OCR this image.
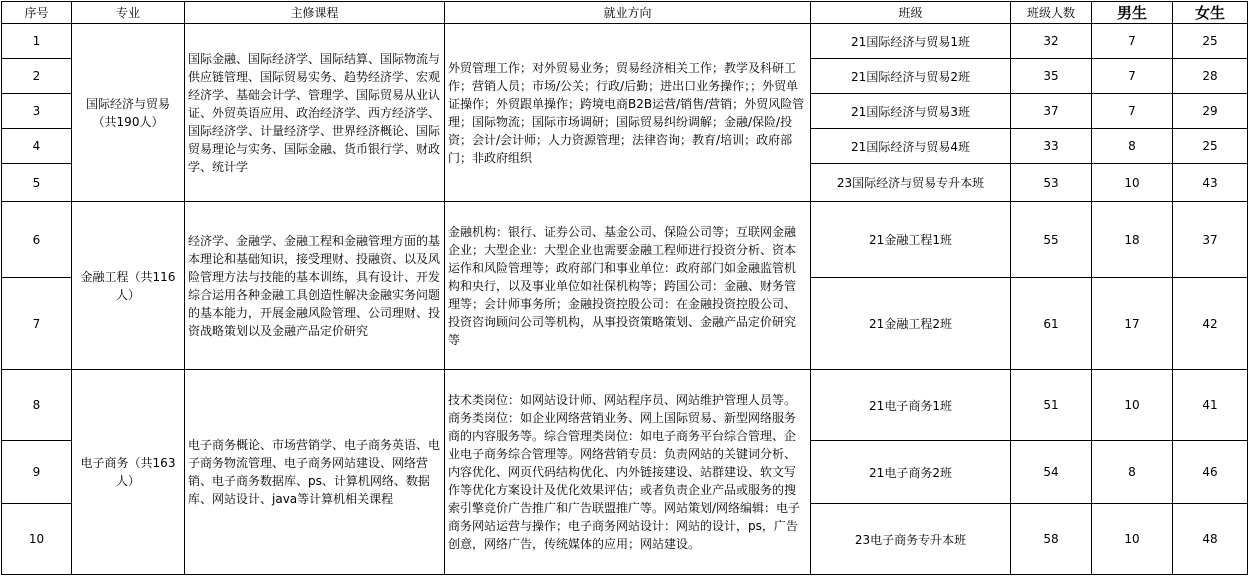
序号	专业	主修课程	就业方向	班级	班级人数	男生	女生
1	国际经济与贸易（共190人）	国际金融、国际经济学、国际结算、国际物流与供应链管理、国际贸易实务、趋势经济学、宏观经济学、基础会计学、管理学、国际贸易从业认证、外贸英语应用、政治经济学、西方经济学、国际经济学、计量经济学、世界经济概论、国际贸易理论与实务、国际金融、货币银行学、财政学、统计学	外贸管理工作；对外贸易业务；贸易经济相关工作；教学及科研工作；营销人员；市场/公关；行政/后勤；进出口业务操作；；外贸单证操作；外贸跟单操作；跨境电商B2B运营/销售/营销；外贸风险管理；国际物流；国际市场调研；国际贸易纠纷调解；金融/保险/投资；会计/会计师；人力资源管理；法律咨询；教育/培训；政府部门；非政府组织	21国际经济与贸易1班	32	7	25
2				21国际经济与贸易2班	35	7	28
3				21国际经济与贸易3班	37	7	29
4				21国际经济与贸易4班	33	8	25
5				23国际经济与贸易专升本班	53	10	43
6	金融工程（共116人）	经济学、金融学、金融工程和金融管理方面的基本理论和基础知识，接受理财、投融资、以及风险管理方法与技能的基本训练，具有设计、开发综合运用各种金融工具创造性解决金融实务问题的基本能力，开展金融风险管理、公司理财、投资战略策划以及金融产品定价研究	金融机构：银行、证券公司、基金公司、保险公司等；互联网金融企业；大型企业：大型企业也需要金融工程师进行投资分析、资本运作和风险管理等；政府部门和事业单位：政府部门如金融监管机构和央行，以及事业单位如社保机构等；跨国公司：金融、财务管理等；会计师事务所；金融投资控股公司：在金融投资控股公司、投资咨询顾问公司等机构，从事投资策略策划、金融产品定价研究等	21金融工程1班	55	18	37
7				21金融工程2班	61	17	42
8	电子商务（共163人）	电子商务概论、市场营销学、电子商务英语、电子商务物流管理、电子商务网站建设、网络营销、电子商务数据库、ps、计算机网络、数据库、网站设计、java等计算机相关课程	技术类岗位：如网站设计师、网站程序员、网站维护管理人员等。商务类岗位：如企业网络营销业务、网上国际贸易、新型网络服务商的内容服务等。综合管理类岗位：如电子商务平台综合管理、企业电子商务综合管理等。网络营销专员：负责网站的关键词分析、内容优化、网页代码结构优化、内外链接建设、站群建设、软文写作等优化方案设计及优化效果评估；或者负责企业产品或服务的搜索引擎竞价广告推广和广告联盟推广等。网站策划/网络编辑：电子商务网站运营与操作；电子商务网站设计：网站的设计，ps，广告创意，网络广告，传统媒体的应用；网站建设。	21电子商务1班	51	10	41
9				21电子商务2班	54	8	46
10				23电子商务专升本班	58	10	48
